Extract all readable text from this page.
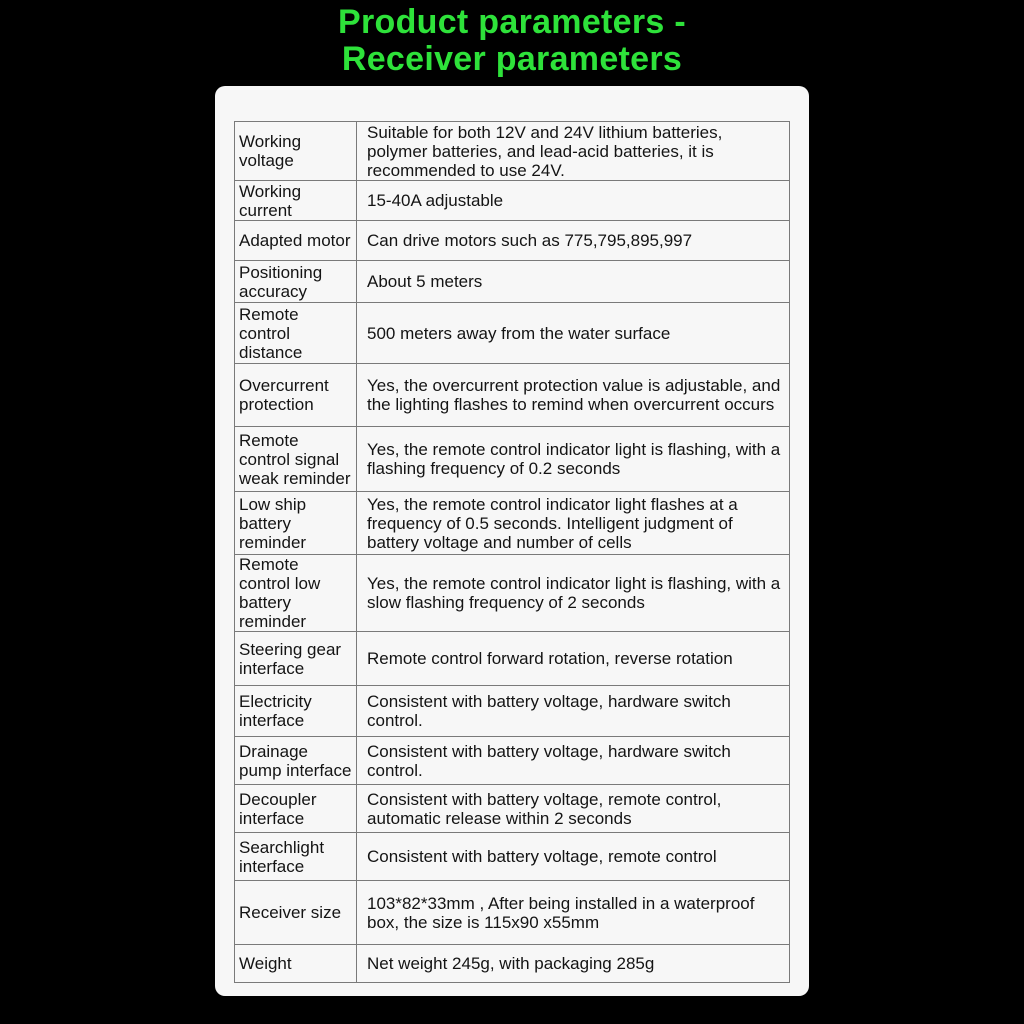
Product parameters -
Receiver parameters
Working voltage	Suitable for both 12V and 24V lithium batteries, polymer batteries, and lead-acid batteries, it is recommended to use 24V.
Working current	15-40A adjustable
Adapted motor	Can drive motors such as 775,795,895,997
Positioning accuracy	About 5 meters
Remote control distance	500 meters away from the water surface
Overcurrent protection	Yes, the overcurrent protection value is adjustable, and the lighting flashes to remind when overcurrent occurs
Remote control signal weak reminder	Yes, the remote control indicator light is flashing, with a flashing frequency of 0.2 seconds
Low ship battery reminder	Yes, the remote control indicator light flashes at a frequency of 0.5 seconds. Intelligent judgment of battery voltage and number of cells
Remote control low battery reminder	Yes, the remote control indicator light is flashing, with a slow flashing frequency of 2 seconds
Steering gear interface	Remote control forward rotation, reverse rotation
Electricity interface	Consistent with battery voltage, hardware switch control.
Drainage pump interface	Consistent with battery voltage, hardware switch control.
Decoupler interface	Consistent with battery voltage, remote control, automatic release within 2 seconds
Searchlight interface	Consistent with battery voltage, remote control
Receiver size	103*82*33mm , After being installed in a waterproof box, the size is 115x90 x55mm
Weight	Net weight 245g, with packaging 285g
